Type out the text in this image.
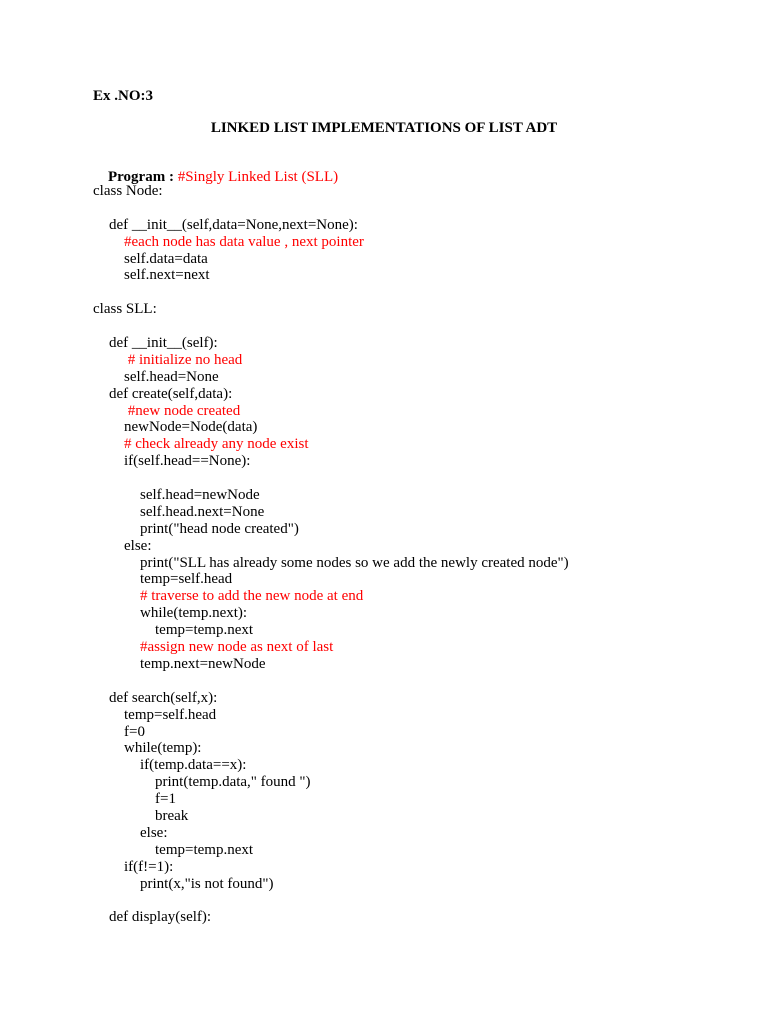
Ex .NO:3
LINKED LIST IMPLEMENTATIONS OF LIST ADT

Program : #Singly Linked List (SLL)

class Node:
def __init__(self,data=None,next=None):
#each node has data value , next pointer
self.data=data
self.next=next
class SLL:
def __init__(self):
# initialize no head
self.head=None
def create(self,data):
#new node created
newNode=Node(data)
# check already any node exist
if(self.head==None):
self.head=newNode
self.head.next=None
print("head node created")
else:
print("SLL has already some nodes so we add the newly created node")
temp=self.head
# traverse to add the new node at end
while(temp.next):
temp=temp.next
#assign new node as next of last
temp.next=newNode
def search(self,x):
temp=self.head
f=0
while(temp):
if(temp.data==x):
print(temp.data," found ")
f=1
break
else:
temp=temp.next
if(f!=1):
print(x,"is not found")
def display(self):
